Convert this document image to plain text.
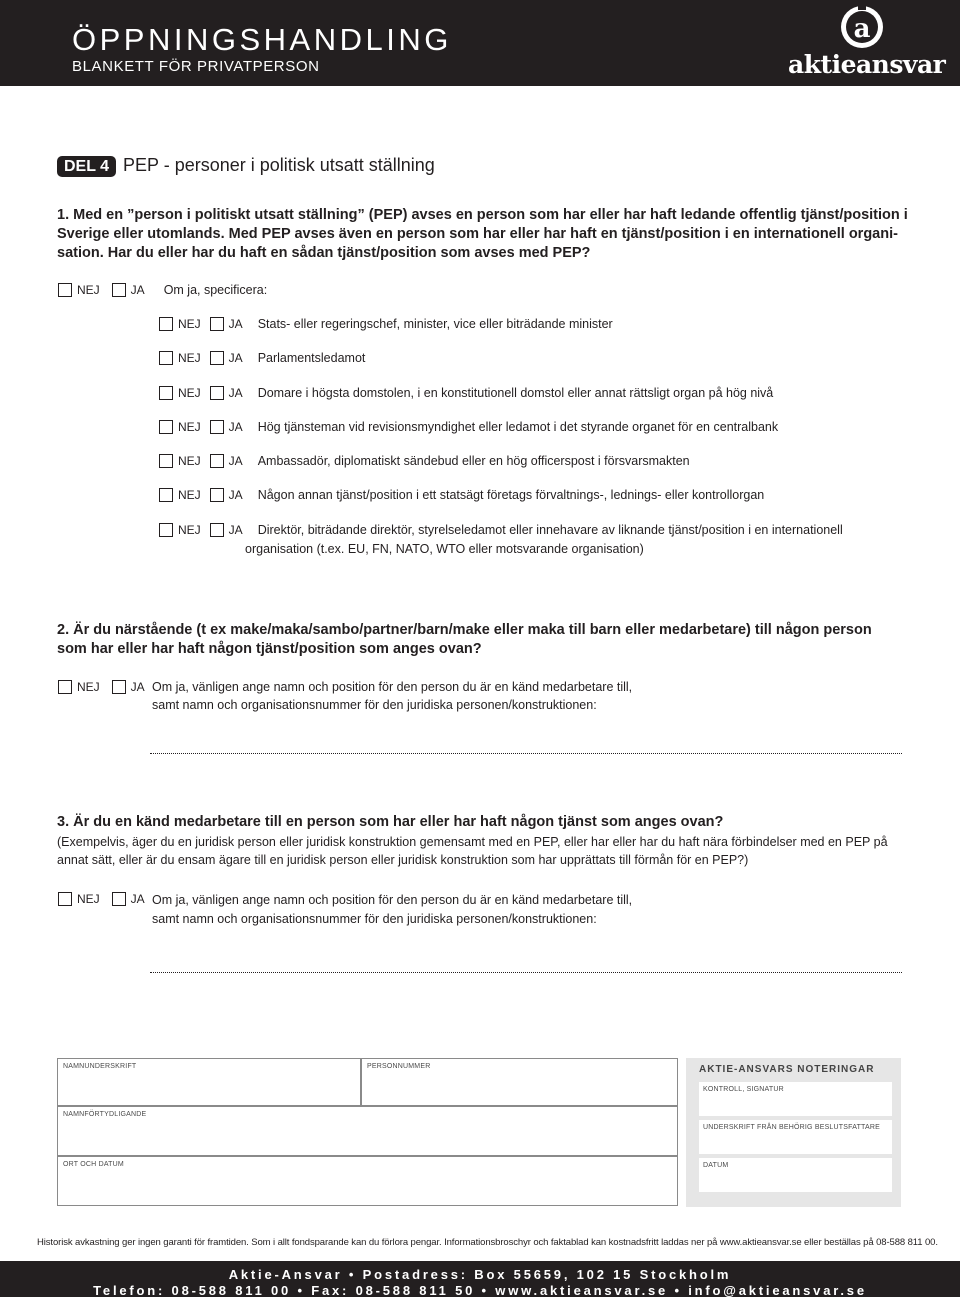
ÖPPNINGSHANDLING
BLANKETT FÖR PRIVATPERSON
a
aktieansvar
DEL 4 PEP - personer i politisk utsatt ställning
1. Med en ”person i politiskt utsatt ställning” (PEP) avses en person som har eller har haft ledande offentlig tjänst/position i
Sverige eller utomlands. Med PEP avses även en person som har eller har haft en tjänst/position i en internationell organi-
sation. Har du eller har du haft en sådan tjänst/position som avses med PEP?
NEJ	JA Om ja, specificera:
NEJ JA Stats- eller regeringschef, minister, vice eller biträdande minister
NEJ JA Parlamentsledamot
NEJ JA Domare i högsta domstolen, i en konstitutionell domstol eller annat rättsligt organ på hög nivå
NEJ JA Hög tjänsteman vid revisionsmyndighet eller ledamot i det styrande organet för en centralbank
NEJ JA Ambassadör, diplomatiskt sändebud eller en hög officerspost i försvarsmakten
NEJ JA Någon annan tjänst/position i ett statsägt företags förvaltnings-, lednings- eller kontrollorgan
NEJ JA Direktör, biträdande direktör, styrelseledamot eller innehavare av liknande tjänst/position i en internationell
organisation (t.ex. EU, FN, NATO, WTO eller motsvarande organisation)
2. Är du närstående (t ex make/maka/sambo/partner/barn/make eller maka till barn eller medarbetare) till någon person
som har eller har haft någon tjänst/position som anges ovan?
NEJ	JA Om ja, vänligen ange namn och position för den person du är en känd medarbetare till,
samt namn och organisationsnummer för den juridiska personen/konstruktionen:
3. Är du en känd medarbetare till en person som har eller har haft någon tjänst som anges ovan?
(Exempelvis, äger du en juridisk person eller juridisk konstruktion gemensamt med en PEP, eller har eller har du haft nära förbindelser med en PEP på
annat sätt, eller är du ensam ägare till en juridisk person eller juridisk konstruktion som har upprättats till förmån för en PEP?)
NEJ	JA Om ja, vänligen ange namn och position för den person du är en känd medarbetare till,
samt namn och organisationsnummer för den juridiska personen/konstruktionen:
NAMNUNDERSKRIFT	PERSONNUMMER
NAMNFÖRTYDLIGANDE
ORT OCH DATUM
AKTIE-ANSVARS NOTERINGAR
KONTROLL, SIGNATUR
UNDERSKRIFT FRÅN BEHÖRIG BESLUTSFATTARE
DATUM
Historisk avkastning ger ingen garanti för framtiden. Som i allt fondsparande kan du förlora pengar. Informationsbroschyr och faktablad kan kostnadsfritt laddas ner på www.aktieansvar.se eller beställas på 08-588 811 00.
Aktie-Ansvar • Postadress: Box 55659, 102 15 Stockholm
Telefon: 08-588 811 00 • Fax: 08-588 811 50 • www.aktieansvar.se • info@aktieansvar.se
